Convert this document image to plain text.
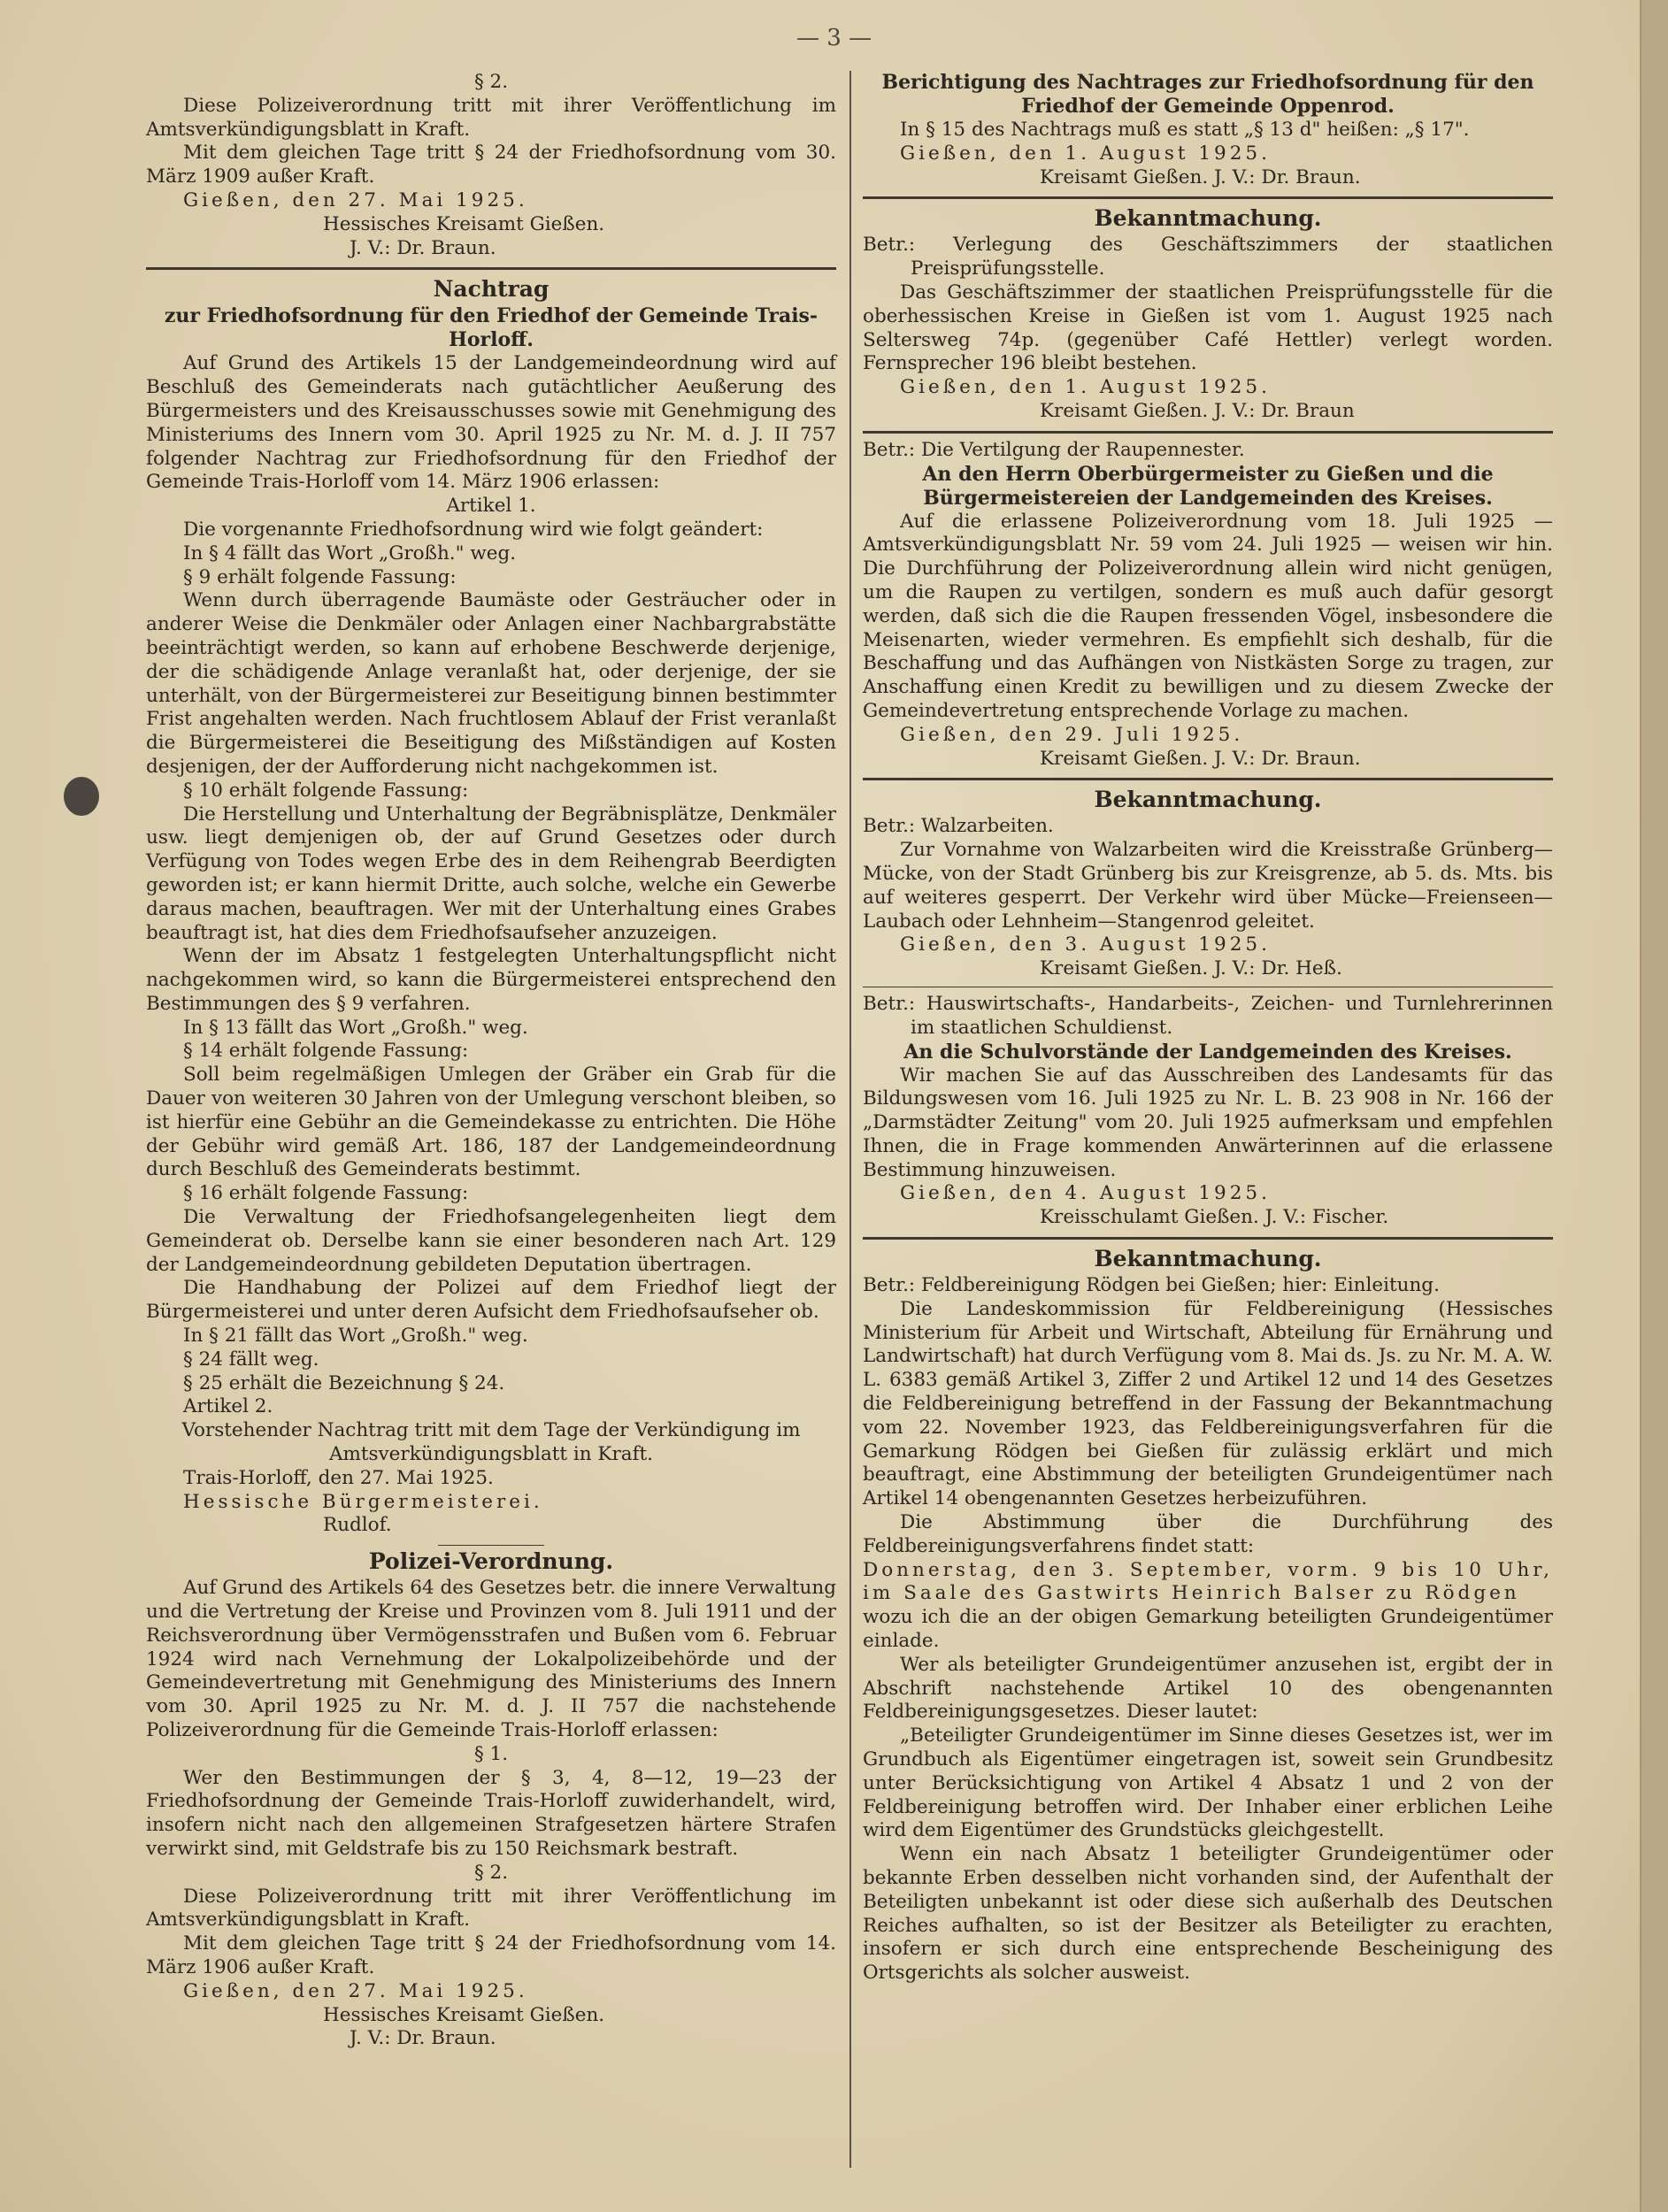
— 3 —

§ 2.

Diese Polizeiverordnung tritt mit ihrer Veröffentlichung im Amtsverkündigungsblatt in Kraft.

Mit dem gleichen Tage tritt § 24 der Friedhofsordnung vom 30. März 1909 außer Kraft.

Gießen, den 27. Mai 1925.

Hessisches Kreisamt Gießen.

J. V.: Dr. Braun.

Nachtrag

zur Friedhofsordnung für den Friedhof der Gemeinde Trais-Horloff.

Auf Grund des Artikels 15 der Landgemeindeordnung wird auf Beschluß des Gemeinderats nach gutächtlicher Aeußerung des Bürgermeisters und des Kreisausschusses sowie mit Genehmigung des Ministeriums des Innern vom 30. April 1925 zu Nr. M. d. J. II 757 folgender Nachtrag zur Friedhofsordnung für den Friedhof der Gemeinde Trais-Horloff vom 14. März 1906 erlassen:

Artikel 1.

Die vorgenannte Friedhofsordnung wird wie folgt geändert:

In § 4 fällt das Wort „Großh." weg.

§ 9 erhält folgende Fassung:

Wenn durch überragende Baumäste oder Gesträucher oder in anderer Weise die Denkmäler oder Anlagen einer Nachbargrabstätte beeinträchtigt werden, so kann auf erhobene Beschwerde derjenige, der die schädigende Anlage veranlaßt hat, oder derjenige, der sie unterhält, von der Bürgermeisterei zur Beseitigung binnen bestimmter Frist angehalten werden. Nach fruchtlosem Ablauf der Frist veranlaßt die Bürgermeisterei die Beseitigung des Mißständigen auf Kosten desjenigen, der der Aufforderung nicht nachgekommen ist.

§ 10 erhält folgende Fassung:

Die Herstellung und Unterhaltung der Begräbnisplätze, Denkmäler usw. liegt demjenigen ob, der auf Grund Gesetzes oder durch Verfügung von Todes wegen Erbe des in dem Reihengrab Beerdigten geworden ist; er kann hiermit Dritte, auch solche, welche ein Gewerbe daraus machen, beauftragen. Wer mit der Unterhaltung eines Grabes beauftragt ist, hat dies dem Friedhofsaufseher anzuzeigen.

Wenn der im Absatz 1 festgelegten Unterhaltungspflicht nicht nachgekommen wird, so kann die Bürgermeisterei entsprechend den Bestimmungen des § 9 verfahren.

In § 13 fällt das Wort „Großh." weg.

§ 14 erhält folgende Fassung:

Soll beim regelmäßigen Umlegen der Gräber ein Grab für die Dauer von weiteren 30 Jahren von der Umlegung verschont bleiben, so ist hierfür eine Gebühr an die Gemeindekasse zu entrichten. Die Höhe der Gebühr wird gemäß Art. 186, 187 der Landgemeindeordnung durch Beschluß des Gemeinderats bestimmt.

§ 16 erhält folgende Fassung:

Die Verwaltung der Friedhofsangelegenheiten liegt dem Gemeinderat ob. Derselbe kann sie einer besonderen nach Art. 129 der Landgemeindeordnung gebildeten Deputation übertragen.

Die Handhabung der Polizei auf dem Friedhof liegt der Bürgermeisterei und unter deren Aufsicht dem Friedhofsaufseher ob.

In § 21 fällt das Wort „Großh." weg.

§ 24 fällt weg.

§ 25 erhält die Bezeichnung § 24.

Artikel 2.

Vorstehender Nachtrag tritt mit dem Tage der Verkündigung im Amtsverkündigungsblatt in Kraft.

Trais-Horloff, den 27. Mai 1925.

Hessische Bürgermeisterei.

Rudlof.

Polizei-Verordnung.

Auf Grund des Artikels 64 des Gesetzes betr. die innere Verwaltung und die Vertretung der Kreise und Provinzen vom 8. Juli 1911 und der Reichsverordnung über Vermögensstrafen und Bußen vom 6. Februar 1924 wird nach Vernehmung der Lokalpolizeibehörde und der Gemeindevertretung mit Genehmigung des Ministeriums des Innern vom 30. April 1925 zu Nr. M. d. J. II 757 die nachstehende Polizeiverordnung für die Gemeinde Trais-Horloff erlassen:

§ 1.

Wer den Bestimmungen der § 3, 4, 8—12, 19—23 der Friedhofsordnung der Gemeinde Trais-Horloff zuwiderhandelt, wird, insofern nicht nach den allgemeinen Strafgesetzen härtere Strafen verwirkt sind, mit Geldstrafe bis zu 150 Reichsmark bestraft.

§ 2.

Diese Polizeiverordnung tritt mit ihrer Veröffentlichung im Amtsverkündigungsblatt in Kraft.

Mit dem gleichen Tage tritt § 24 der Friedhofsordnung vom 14. März 1906 außer Kraft.

Gießen, den 27. Mai 1925.

Hessisches Kreisamt Gießen.

J. V.: Dr. Braun.

Berichtigung des Nachtrages zur Friedhofsordnung für den Friedhof der Gemeinde Oppenrod.

In § 15 des Nachtrags muß es statt „§ 13 d" heißen: „§ 17".

Gießen, den 1. August 1925.

Kreisamt Gießen. J. V.: Dr. Braun.

Bekanntmachung.

Betr.: Verlegung des Geschäftszimmers der staatlichen Preisprüfungsstelle.

Das Geschäftszimmer der staatlichen Preisprüfungsstelle für die oberhessischen Kreise in Gießen ist vom 1. August 1925 nach Seltersweg 74p. (gegenüber Café Hettler) verlegt worden. Fernsprecher 196 bleibt bestehen.

Gießen, den 1. August 1925.

Kreisamt Gießen. J. V.: Dr. Braun

Betr.: Die Vertilgung der Raupennester.

An den Herrn Oberbürgermeister zu Gießen und die Bürgermeistereien der Landgemeinden des Kreises.

Auf die erlassene Polizeiverordnung vom 18. Juli 1925 — Amtsverkündigungsblatt Nr. 59 vom 24. Juli 1925 — weisen wir hin. Die Durchführung der Polizeiverordnung allein wird nicht genügen, um die Raupen zu vertilgen, sondern es muß auch dafür gesorgt werden, daß sich die die Raupen fressenden Vögel, insbesondere die Meisenarten, wieder vermehren. Es empfiehlt sich deshalb, für die Beschaffung und das Aufhängen von Nistkästen Sorge zu tragen, zur Anschaffung einen Kredit zu bewilligen und zu diesem Zwecke der Gemeindevertretung entsprechende Vorlage zu machen.

Gießen, den 29. Juli 1925.

Kreisamt Gießen. J. V.: Dr. Braun.

Bekanntmachung.

Betr.: Walzarbeiten.

Zur Vornahme von Walzarbeiten wird die Kreisstraße Grünberg—Mücke, von der Stadt Grünberg bis zur Kreisgrenze, ab 5. ds. Mts. bis auf weiteres gesperrt. Der Verkehr wird über Mücke—Freienseen—Laubach oder Lehnheim—Stangenrod geleitet.

Gießen, den 3. August 1925.

Kreisamt Gießen. J. V.: Dr. Heß.

Betr.: Hauswirtschafts-, Handarbeits-, Zeichen- und Turnlehrerinnen im staatlichen Schuldienst.

An die Schulvorstände der Landgemeinden des Kreises.

Wir machen Sie auf das Ausschreiben des Landesamts für das Bildungswesen vom 16. Juli 1925 zu Nr. L. B. 23 908 in Nr. 166 der „Darmstädter Zeitung" vom 20. Juli 1925 aufmerksam und empfehlen Ihnen, die in Frage kommenden Anwärterinnen auf die erlassene Bestimmung hinzuweisen.

Gießen, den 4. August 1925.

Kreisschulamt Gießen. J. V.: Fischer.

Bekanntmachung.

Betr.: Feldbereinigung Rödgen bei Gießen; hier: Einleitung.

Die Landeskommission für Feldbereinigung (Hessisches Ministerium für Arbeit und Wirtschaft, Abteilung für Ernährung und Landwirtschaft) hat durch Verfügung vom 8. Mai ds. Js. zu Nr. M. A. W. L. 6383 gemäß Artikel 3, Ziffer 2 und Artikel 12 und 14 des Gesetzes die Feldbereinigung betreffend in der Fassung der Bekanntmachung vom 22. November 1923, das Feldbereinigungsverfahren für die Gemarkung Rödgen bei Gießen für zulässig erklärt und mich beauftragt, eine Abstimmung der beteiligten Grundeigentümer nach Artikel 14 obengenannten Gesetzes herbeizuführen.

Die Abstimmung über die Durchführung des Feldbereinigungsverfahrens findet statt:

Donnerstag, den 3. September, vorm. 9 bis 10 Uhr, im Saale des Gastwirts Heinrich Balser zu Rödgen

wozu ich die an der obigen Gemarkung beteiligten Grundeigentümer einlade.

Wer als beteiligter Grundeigentümer anzusehen ist, ergibt der in Abschrift nachstehende Artikel 10 des obengenannten Feldbereinigungsgesetzes. Dieser lautet:

„Beteiligter Grundeigentümer im Sinne dieses Gesetzes ist, wer im Grundbuch als Eigentümer eingetragen ist, soweit sein Grundbesitz unter Berücksichtigung von Artikel 4 Absatz 1 und 2 von der Feldbereinigung betroffen wird. Der Inhaber einer erblichen Leihe wird dem Eigentümer des Grundstücks gleichgestellt.

Wenn ein nach Absatz 1 beteiligter Grundeigentümer oder bekannte Erben desselben nicht vorhanden sind, der Aufenthalt der Beteiligten unbekannt ist oder diese sich außerhalb des Deutschen Reiches aufhalten, so ist der Besitzer als Beteiligter zu erachten, insofern er sich durch eine entsprechende Bescheinigung des Ortsgerichts als solcher ausweist.
